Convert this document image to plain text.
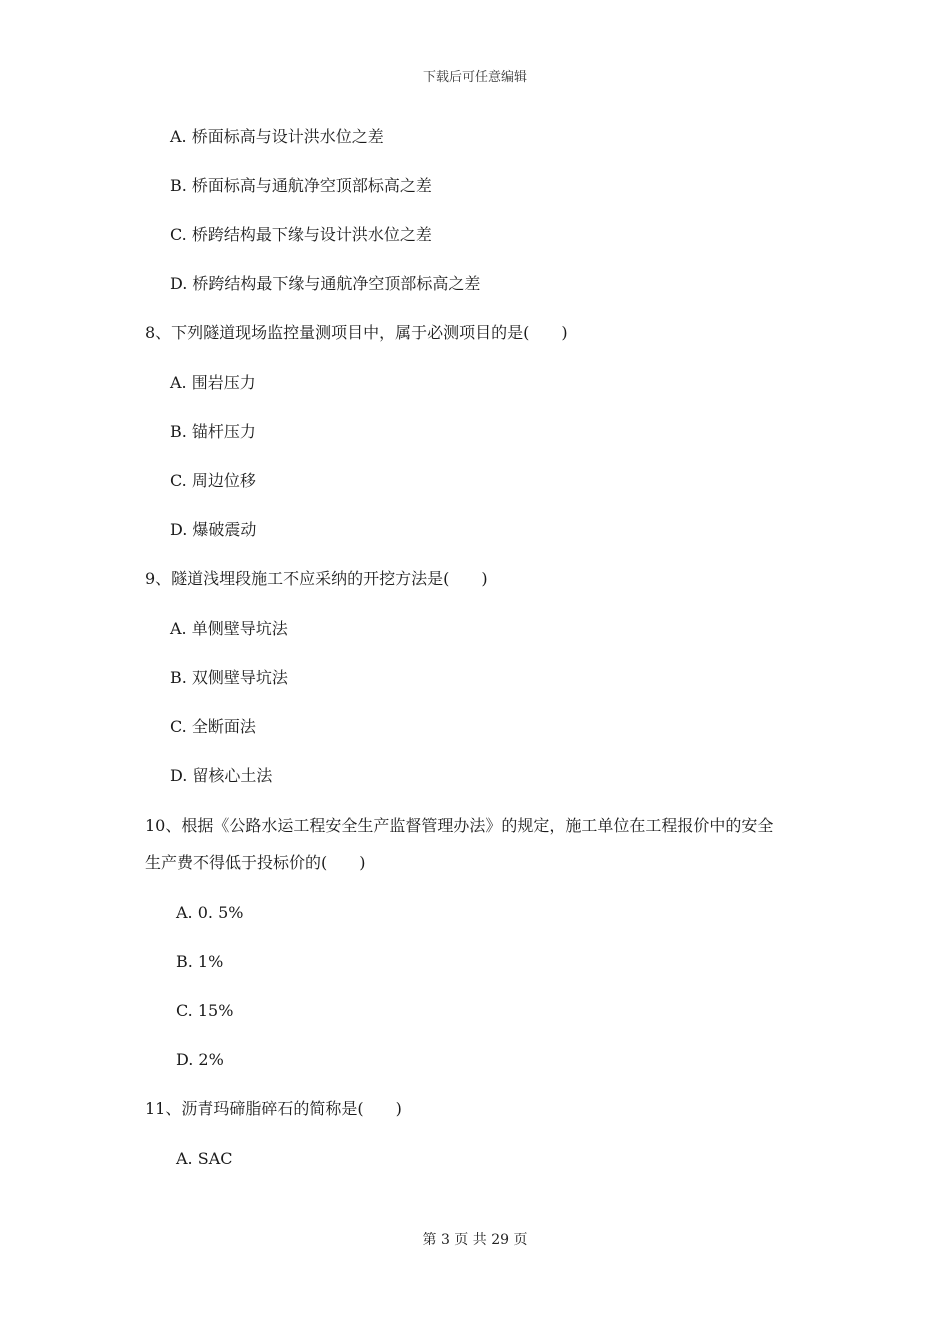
下载后可任意编辑
A. 桥面标高与设计洪水位之差
B. 桥面标高与通航净空顶部标高之差
C. 桥跨结构最下缘与设计洪水位之差
D. 桥跨结构最下缘与通航净空顶部标高之差
8、下列隧道现场监控量测项目中，属于必测项目的是(　　)
A. 围岩压力
B. 锚杆压力
C. 周边位移
D. 爆破震动
9、隧道浅埋段施工不应采纳的开挖方法是(　　)
A. 单侧壁导坑法
B. 双侧壁导坑法
C. 全断面法
D. 留核心土法
10、根据《公路水运工程安全生产监督管理办法》的规定，施工单位在工程报价中的安全
生产费不得低于投标价的(　　)
A. 0. 5%
B. 1%
C. 15%
D. 2%
11、沥青玛碲脂碎石的简称是(　　)
A. SAC
第 3 页 共 29 页
